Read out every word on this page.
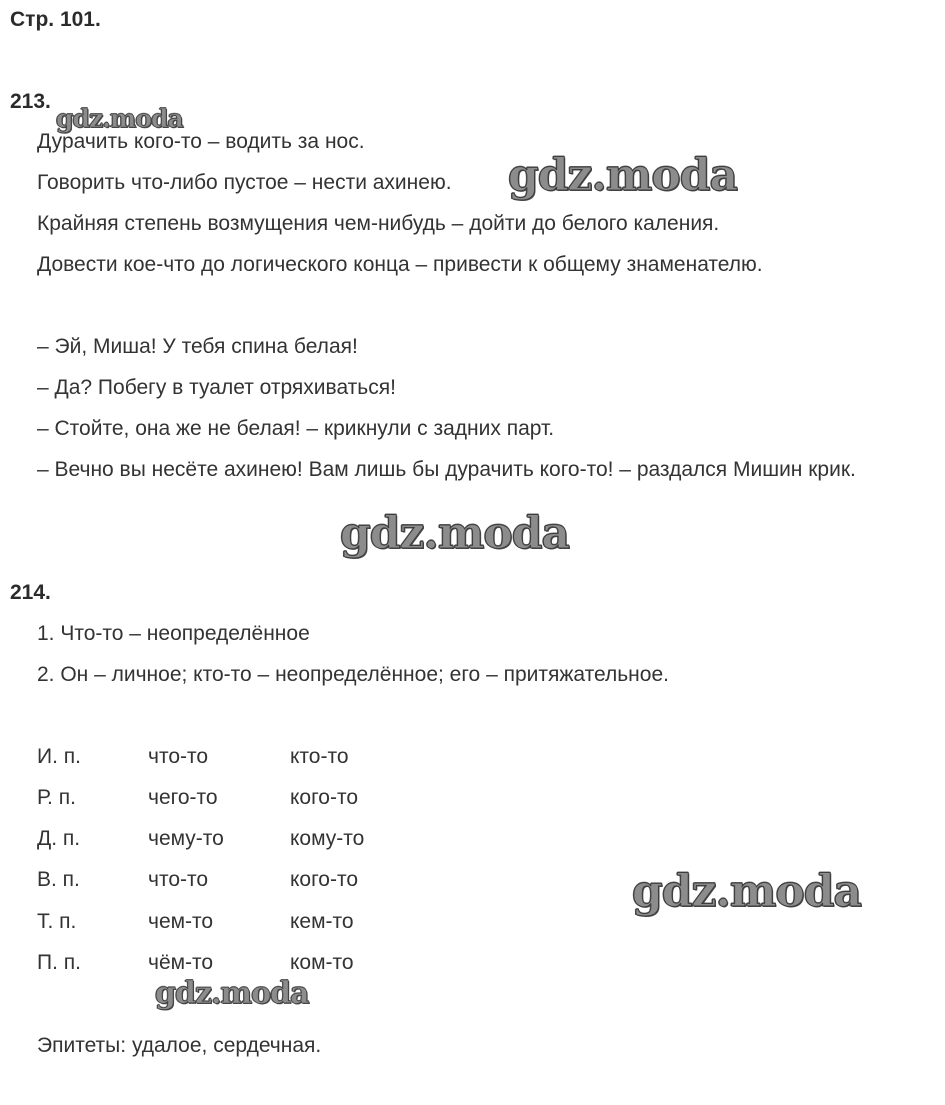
Стр. 101.
213.
Дурачить кого-то – водить за нос.
Говорить что-либо пустое – нести ахинею.
Крайняя степень возмущения чем-нибудь – дойти до белого каления.
Довести кое-что до логического конца – привести к общему знаменателю.
– Эй, Миша! У тебя спина белая!
– Да? Побегу в туалет отряхиваться!
– Стойте, она же не белая! – крикнули с задних парт.
– Вечно вы несёте ахинею! Вам лишь бы дурачить кого-то! – раздался Мишин крик.
214.
1. Что-то – неопределённое
2. Он – личное; кто-то – неопределённое; его – притяжательное.
И. п.	что-то	кто-то
Р. п.	чего-то	кого-то
Д. п.	чему-то	кому-то
В. п.	что-то	кого-то
Т. п.	чем-то	кем-то
П. п.	чём-то	ком-то
Эпитеты: удалое, сердечная.
gdz.moda
gdz.moda
gdz.moda
gdz.moda
gdz.moda
